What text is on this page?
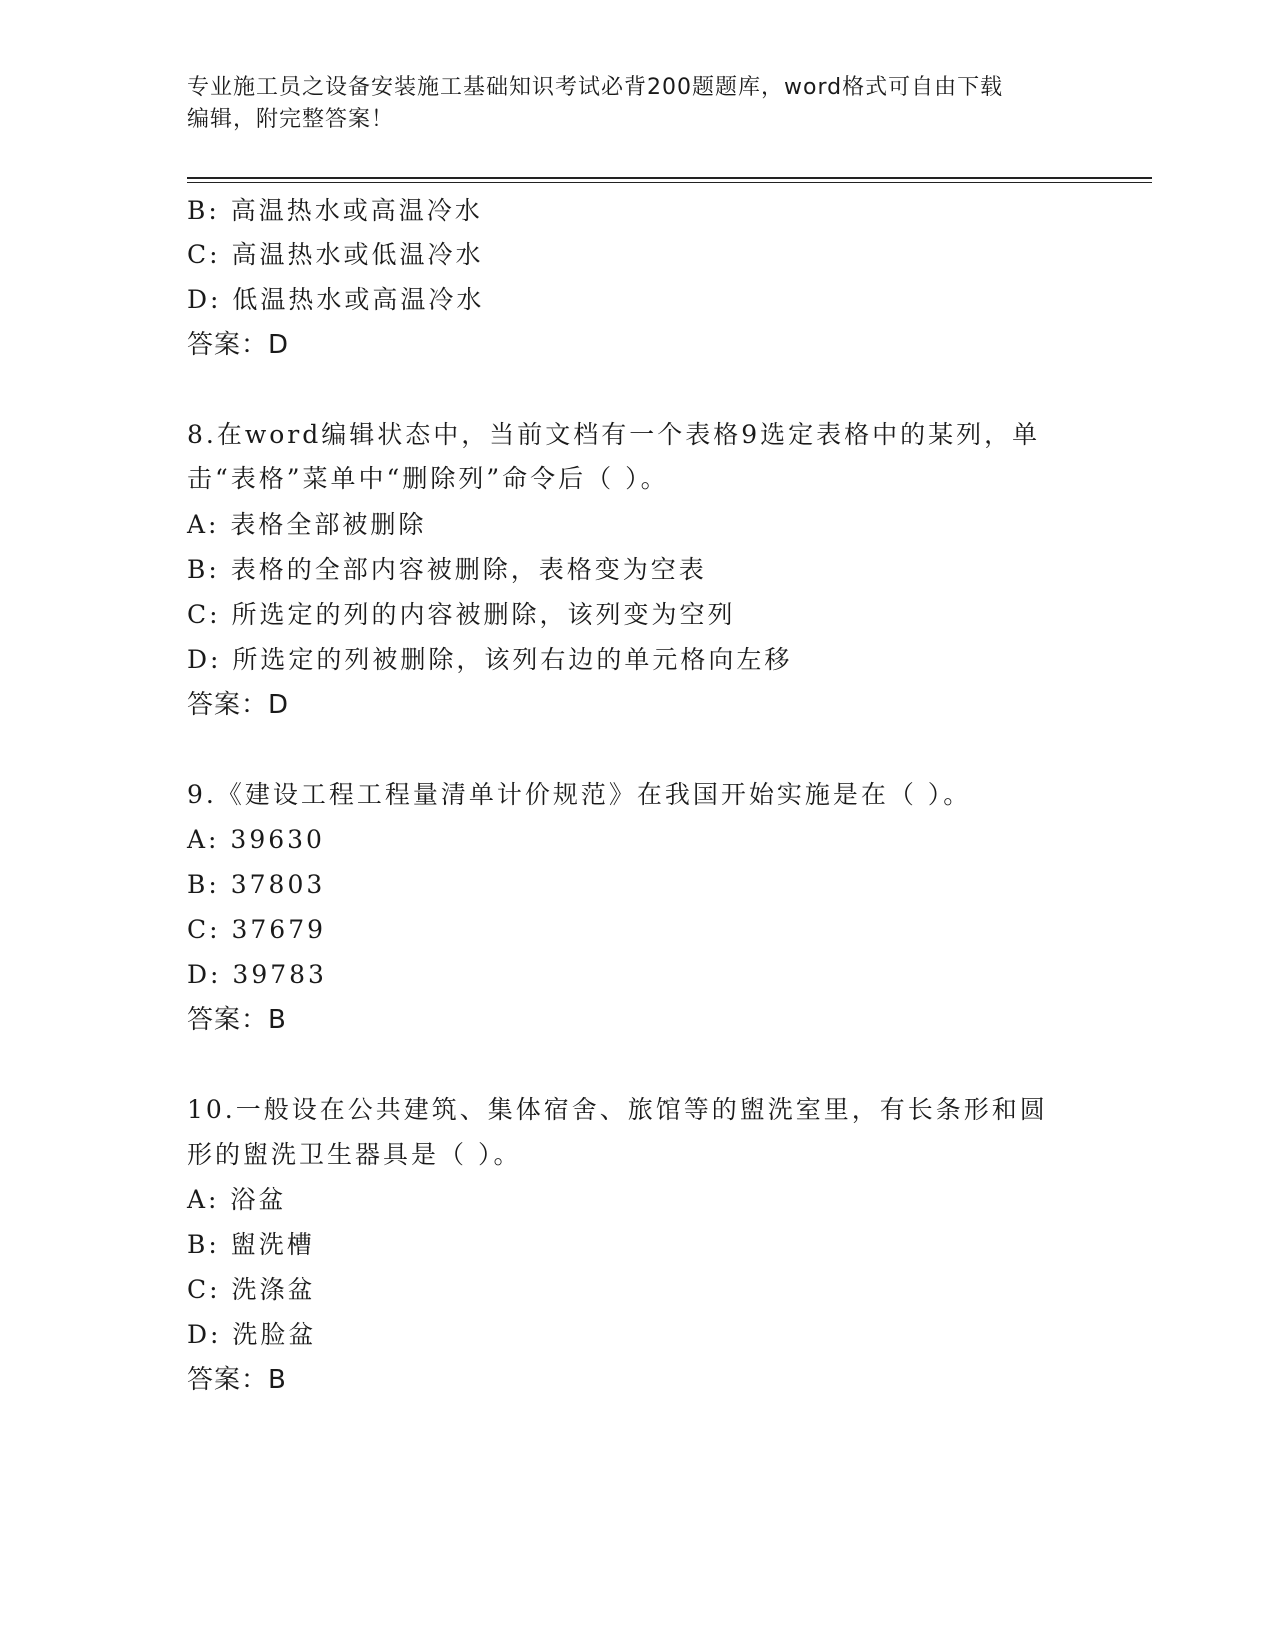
专业施工员之设备安装施工基础知识考试必背200题题库，word格式可自由下载
编辑，附完整答案！
B: 高温热水或高温冷水
C: 高温热水或低温冷水
D: 低温热水或高温冷水
答案：D
8.在word编辑状态中，当前文档有一个表格9选定表格中的某列，单
击“表格”菜单中“删除列”命令后（ ）。
A: 表格全部被删除
B: 表格的全部内容被删除，表格变为空表
C: 所选定的列的内容被删除，该列变为空列
D: 所选定的列被删除，该列右边的单元格向左移
答案：D
9.《建设工程工程量清单计价规范》在我国开始实施是在（ ）。
A: 39630
B: 37803
C: 37679
D: 39783
答案：B
10.一般设在公共建筑、集体宿舍、旅馆等的盥洗室里，有长条形和圆
形的盥洗卫生器具是（ ）。
A: 浴盆
B: 盥洗槽
C: 洗涤盆
D: 洗脸盆
答案：B
